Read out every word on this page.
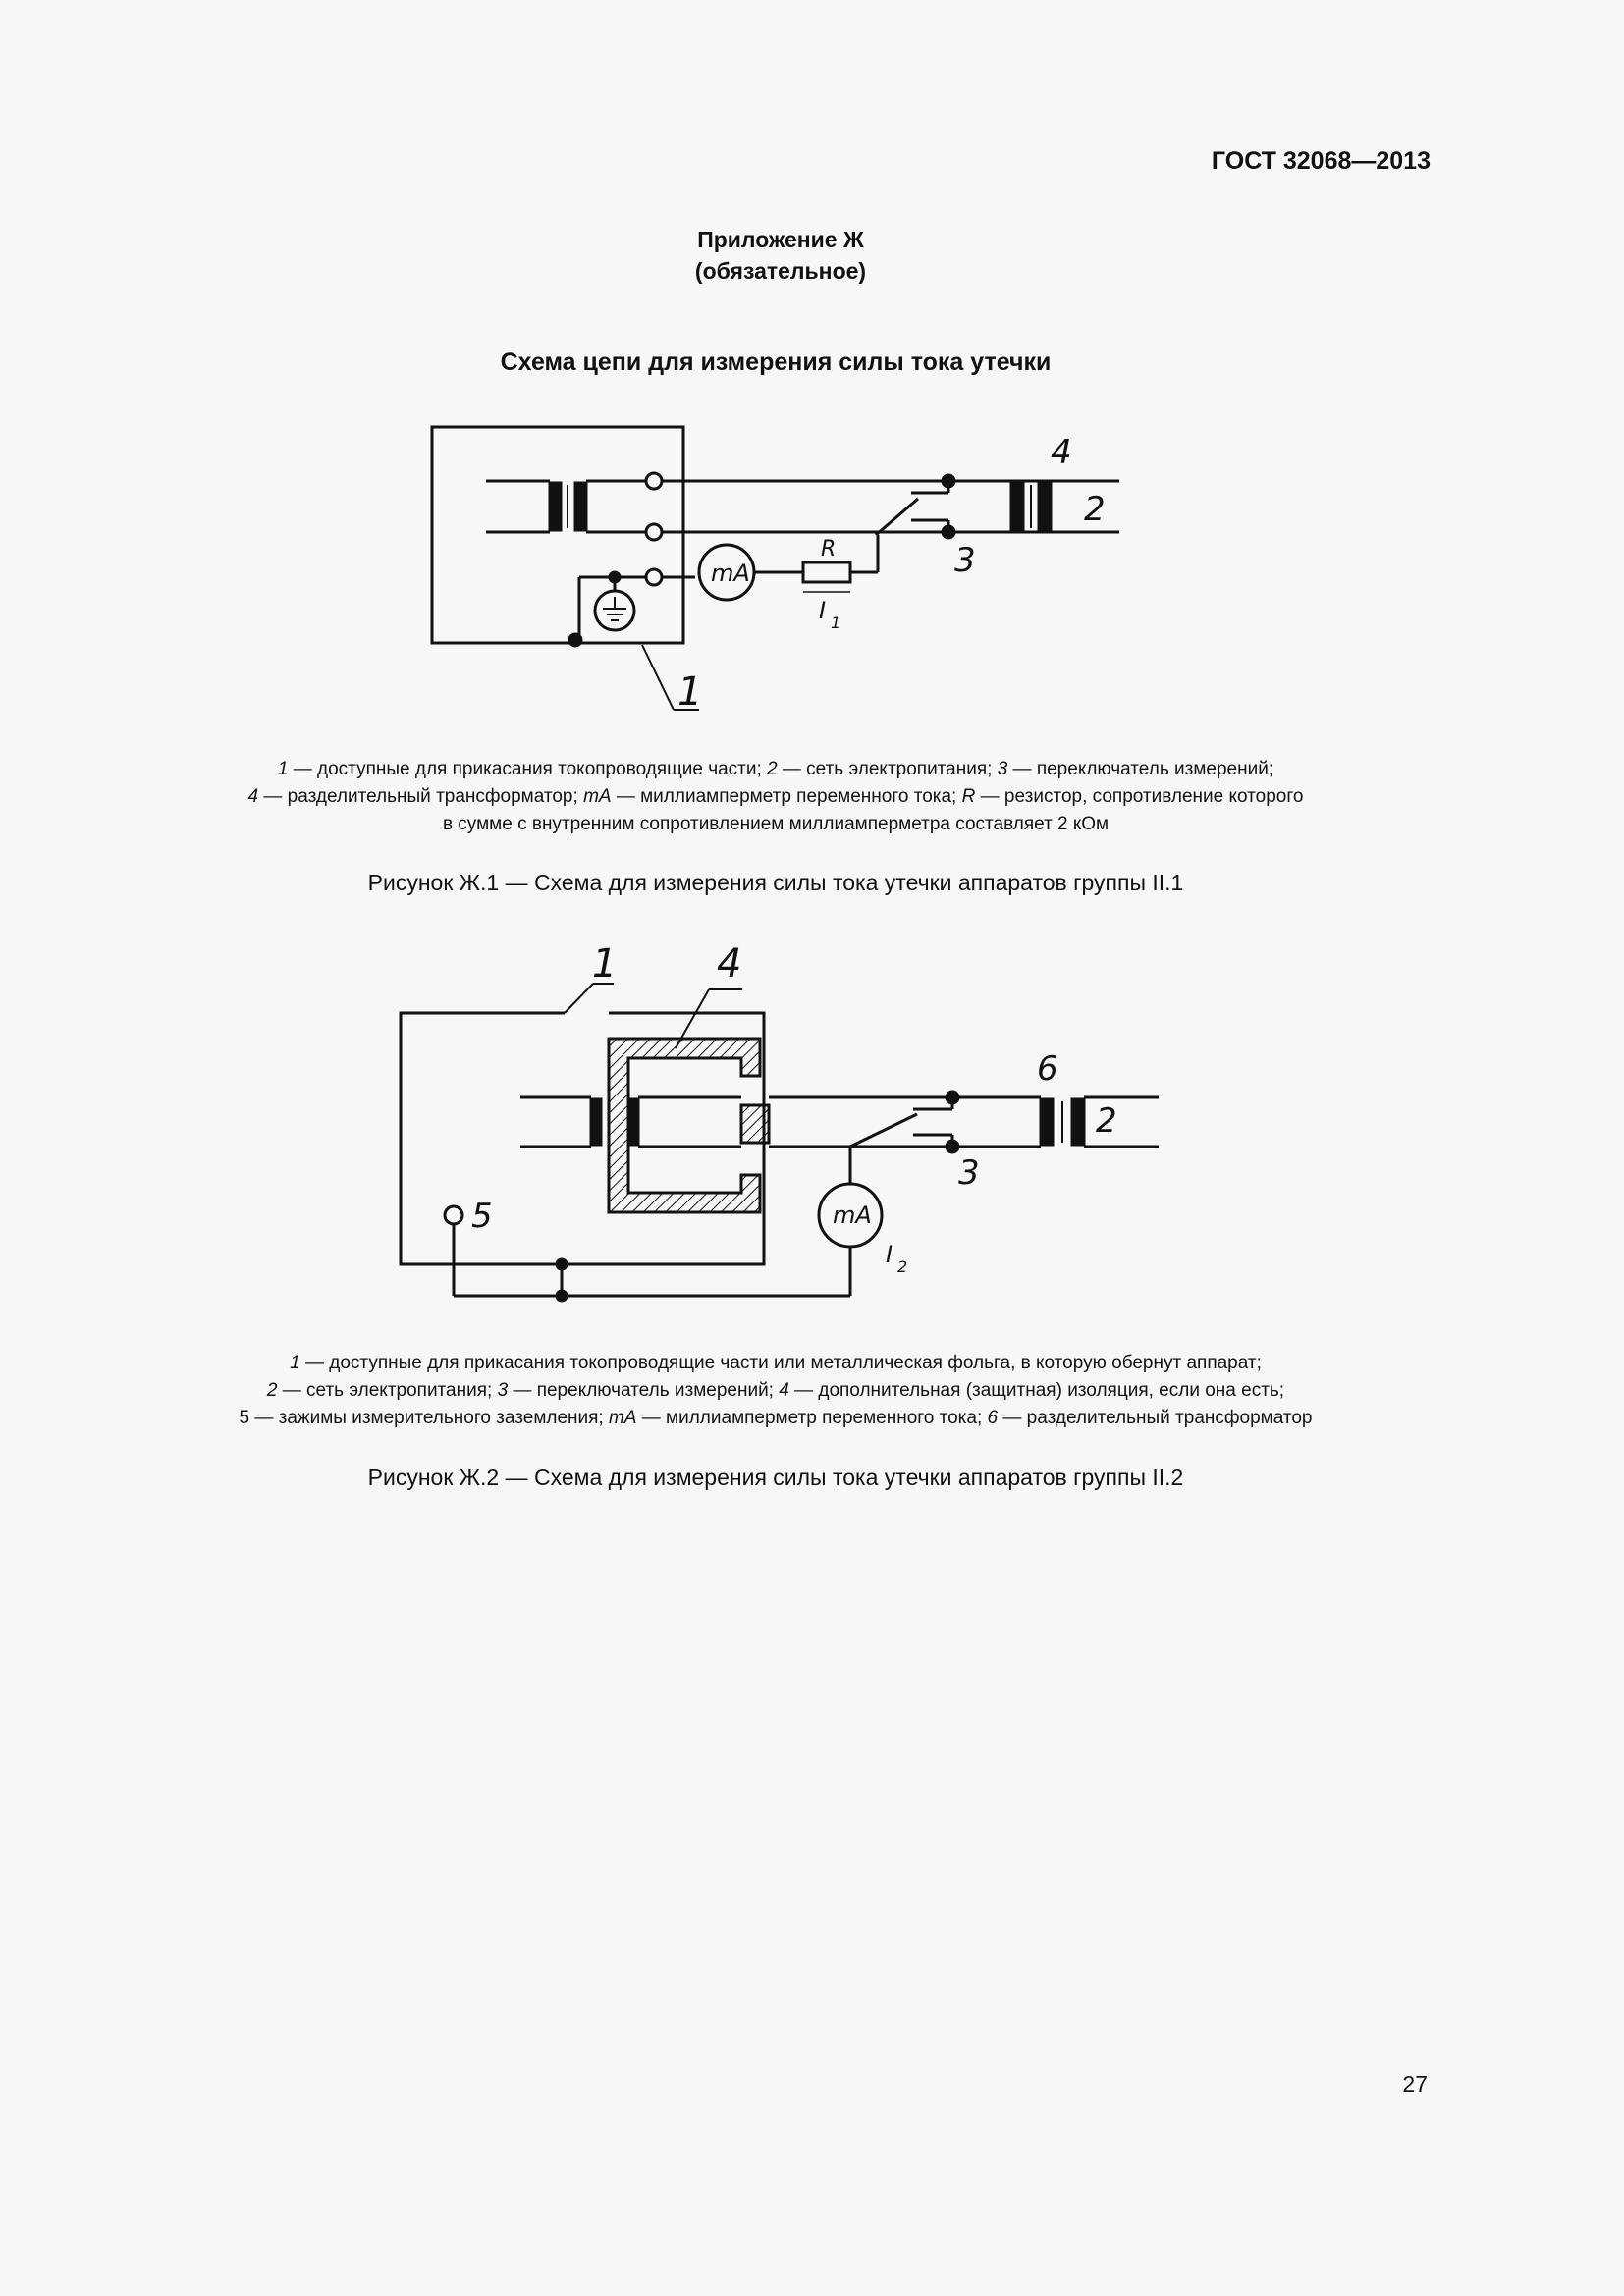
ГОСТ 32068—2013
Приложение Ж
(обязательное)
Схема цепи для измерения силы тока утечки
4
2
3
1
mA
R
I 1
1	4
6
2
3
5	mA
I 2
1 — доступные для прикасания токопроводящие части; 2 — сеть электропитания; 3 — переключатель измерений;
4 — разделительный трансформатор; mA — миллиамперметр переменного тока; R — резистор, сопротивление которого
в сумме с внутренним сопротивлением миллиамперметра составляет 2 кОм
Рисунок Ж.1 — Схема для измерения силы тока утечки аппаратов группы II.1
1 — доступные для прикасания токопроводящие части или металлическая фольга, в которую обернут аппарат;
2 — сеть электропитания; 3 — переключатель измерений; 4 — дополнительная (защитная) изоляция, если она есть;
5 — зажимы измерительного заземления; mA — миллиамперметр переменного тока; 6 — разделительный трансформатор
Рисунок Ж.2 — Схема для измерения силы тока утечки аппаратов группы II.2
27
